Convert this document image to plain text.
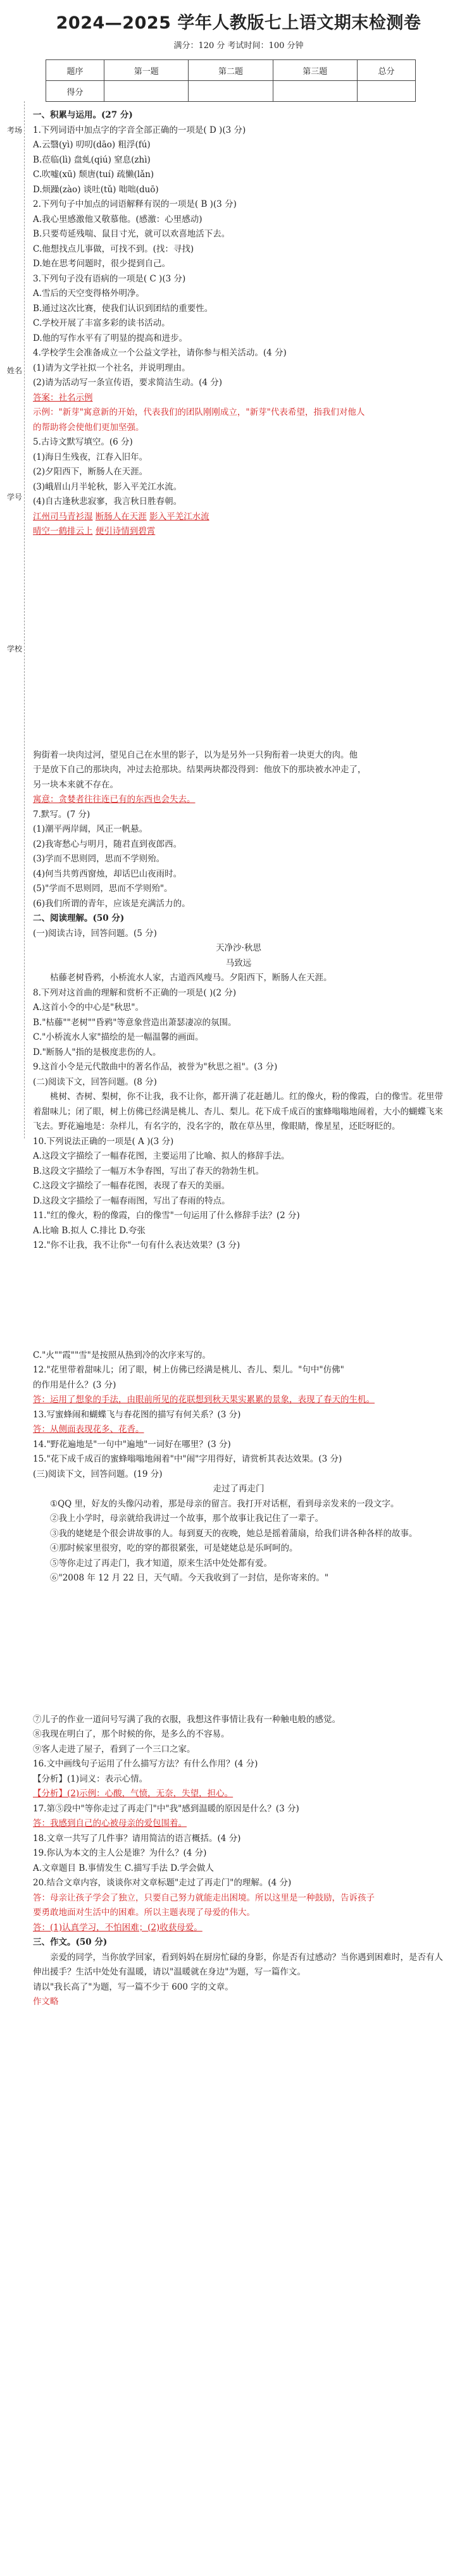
考场
姓名
学号
学校
2024—2025 学年人教版七上语文期末检测卷
满分：120 分 考试时间：100 分钟
题序	第一题	第二题	第三题	总分
得分				

一、积累与运用。(27 分)

1.下列词语中加点字的字音全部正确的一项是( D )(3 分)

A.云翳(yì) 叨叨(dāo) 粗浮(fú)

B.莅临(lì) 盘虬(qiú) 窒息(zhì)

C.吹嘘(xū) 颓唐(tuí) 疏懒(lǎn)

D.烦躁(zào) 谈吐(tǔ) 咄咄(duō)

2.下列句子中加点的词语解释有误的一项是( B )(3 分)

A.我心里感激他又敬慕他。(感激：心里感动)

B.只要苟延残喘、鼠目寸光，就可以欢喜地活下去。

C.他想找点儿事做，可找不到。(找：寻找)

D.她在思考问题时，很少提到自己。

3.下列句子没有语病的一项是( C )(3 分)

A.雪后的天空变得格外明净。

B.通过这次比赛，使我们认识到团结的重要性。

C.学校开展了丰富多彩的读书活动。

D.他的写作水平有了明显的提高和进步。

4.学校学生会准备成立一个公益文学社，请你参与相关活动。(4 分)

(1)请为文学社拟一个社名，并说明理由。

(2)请为活动写一条宣传语，要求简洁生动。(4 分)

答案：社名示例

示例："新芽"寓意新的开始，代表我们的团队刚刚成立，"新芽"代表希望，指我们对他人

的帮助将会使他们更加坚强。

5.古诗文默写填空。(6 分)

(1)海日生残夜，江春入旧年。

(2)夕阳西下，断肠人在天涯。

(3)峨眉山月半轮秋，影入平羌江水流。

(4)自古逢秋悲寂寥，我言秋日胜春朝。

江州司马青衫湿 断肠人在天涯 影入平羌江水流

晴空一鹤排云上 便引诗情到碧霄

狗街着一块肉过河，望见自己在水里的影子，以为是另外一只狗衔着一块更大的肉。他

于是放下自己的那块肉，冲过去抢那块。结果两块都没得到：他放下的那块被水冲走了，

另一块本来就不存在。

寓意：贪婪者往往连已有的东西也会失去。

7.默写。(7 分)

(1)潮平两岸阔，风正一帆悬。

(2)我寄愁心与明月，随君直到夜郎西。

(3)学而不思则罔，思而不学则殆。

(4)何当共剪西窗烛，却话巴山夜雨时。

(5)"学而不思则罔，思而不学则殆"。

(6)我们所谓的青年，应该是充满活力的。

二、阅读理解。(50 分)

(一)阅读古诗，回答问题。(5 分)

天净沙·秋思

马致远

枯藤老树昏鸦，小桥流水人家，古道西风瘦马。夕阳西下，断肠人在天涯。

8.下列对这首曲的理解和赏析不正确的一项是( )(2 分)

A.这首小令的中心是"秋思"。

B."枯藤""老树""昏鸦"等意象营造出萧瑟凄凉的氛围。

C."小桥流水人家"描绘的是一幅温馨的画面。

D."断肠人"指的是极度悲伤的人。

9.这首小令是元代散曲中的著名作品，被誉为"秋思之祖"。(3 分)

(二)阅读下文，回答问题。(8 分)

桃树、杏树、梨树，你不让我，我不让你，都开满了花赶趟儿。红的像火，粉的像霞，白的像雪。花里带着甜味儿；闭了眼，树上仿佛已经满是桃儿、杏儿、梨儿。花下成千成百的蜜蜂嗡嗡地闹着，大小的蝴蝶飞来飞去。野花遍地是：杂样儿，有名字的，没名字的，散在草丛里，像眼睛，像星星，还眨呀眨的。

10.下列说法正确的一项是( A )(3 分)

A.这段文字描绘了一幅春花图，主要运用了比喻、拟人的修辞手法。

B.这段文字描绘了一幅万木争春图，写出了春天的勃勃生机。

C.这段文字描绘了一幅春花图，表现了春天的美丽。

D.这段文字描绘了一幅春雨图，写出了春雨的特点。

11."红的像火，粉的像霞，白的像雪"一句运用了什么修辞手法？(2 分)

A.比喻 B.拟人 C.排比 D.夸张

12."你不让我，我不让你"一句有什么表达效果？(3 分)

C."火""霞""雪"是按照从热到冷的次序来写的。

12."花里带着甜味儿；闭了眼，树上仿佛已经满是桃儿、杏儿、梨儿。"句中"仿佛"

的作用是什么？(3 分)

答：运用了想象的手法，由眼前所见的花联想到秋天果实累累的景象，表现了春天的生机。

13.写蜜蜂闹和蝴蝶飞与春花图的描写有何关系？(3 分)

答：从侧面表现花多、花香。

14."野花遍地是"一句中"遍地"一词好在哪里？(3 分)

15."花下成千成百的蜜蜂嗡嗡地闹着"中"闹"字用得好，请赏析其表达效果。(3 分)

(三)阅读下文，回答问题。(19 分)

走过了再走门

①QQ 里，好友的头像闪动着，那是母亲的留言。我打开对话框，看到母亲发来的一段文字。

②我上小学时，母亲就给我讲过一个故事，那个故事让我记住了一辈子。

③我的姥姥是个很会讲故事的人。每到夏天的夜晚，她总是摇着蒲扇，给我们讲各种各样的故事。

④那时候家里很穷，吃的穿的都很紧张，可是姥姥总是乐呵呵的。

⑤等你走过了再走门，我才知道，原来生活中处处都有爱。

⑥"2008 年 12 月 22 日，天气晴。今天我收到了一封信，是你寄来的。"

⑦儿子的作业一道问号写满了我的衣服，我想这件事情让我有一种触电般的感觉。

⑧我现在明白了，那个时候的你，是多么的不容易。

⑨客人走进了屋子，看到了一个三口之家。

16.文中画线句子运用了什么描写方法？有什么作用？(4 分)

【分析】(1)词义：表示心情。

【分析】(2)示例：心酸，气愤，无奈，失望，担心。

17.第⑤段中"等你走过了再走门"中"我"感到温暖的原因是什么？(3 分)

答：我感到自己的心被母亲的爱包围着。

18.文章一共写了几件事？请用简洁的语言概括。(4 分)

19.你认为本文的主人公是谁？为什么？(4 分)

A.文章题目 B.事情发生 C.描写手法 D.学会做人

20.结合文章内容，谈谈你对文章标题"走过了再走门"的理解。(4 分)

答：母亲让孩子学会了独立，只要自己努力就能走出困境。所以这里是一种鼓励，告诉孩子

要勇敢地面对生活中的困难。所以主题表现了母爱的伟大。

答：(1)认真学习，不怕困难；(2)收获母爱。

三、作文。(50 分)

亲爱的同学，当你放学回家，看到妈妈在厨房忙碌的身影，你是否有过感动？当你遇到困难时，是否有人伸出援手？生活中处处有温暖，请以"温暖就在身边"为题，写一篇作文。

请以"我长高了"为题，写一篇不少于 600 字的文章。

作文略
